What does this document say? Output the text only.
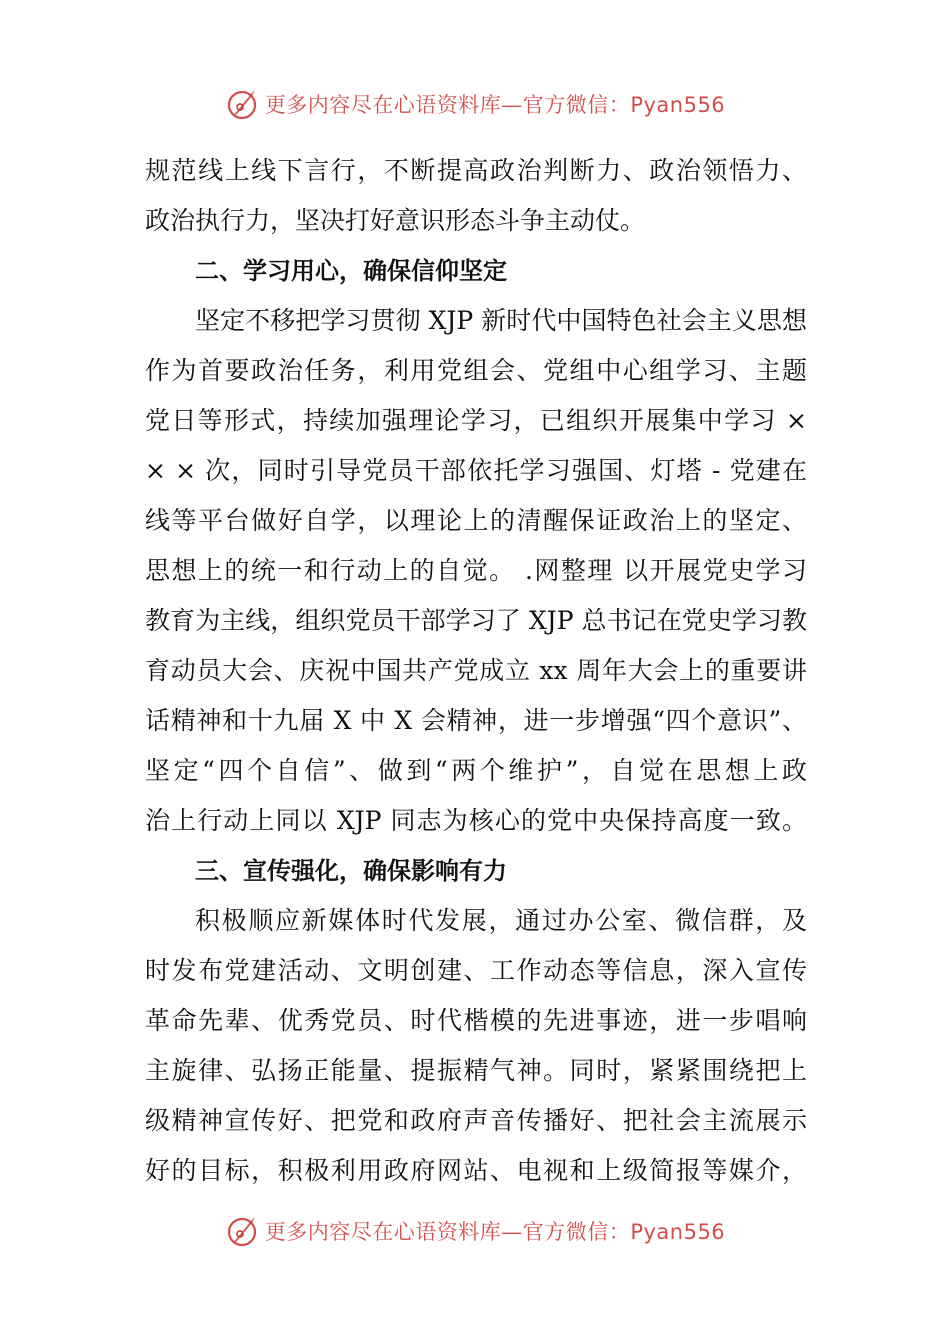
更多内容尽在心语资料库—官方微信：Pyan556
规范线上线下言行，不断提高政治判断力、政治领悟力、
政治执行力，坚决打好意识形态斗争主动仗。
二、学习用心，确保信仰坚定
坚定不移把学习贯彻 XJP 新时代中国特色社会主义思想
作为首要政治任务，利用党组会、党组中心组学习、主题
党日等形式，持续加强理论学习，已组织开展集中学习 ×
× × 次，同时引导党员干部依托学习强国、灯塔 - 党建在
线等平台做好自学，以理论上的清醒保证政治上的坚定、
思想上的统一和行动上的自觉。 .网整理 以开展党史学习
教育为主线，组织党员干部学习了 XJP 总书记在党史学习教
育动员大会、庆祝中国共产党成立 xx 周年大会上的重要讲
话精神和十九届 X 中 X 会精神，进一步增强“四个意识”、
坚定“四个自信”、做到“两个维护”，自觉在思想上政
治上行动上同以 XJP 同志为核心的党中央保持高度一致。
三、宣传强化，确保影响有力
积极顺应新媒体时代发展，通过办公室、微信群，及
时发布党建活动、文明创建、工作动态等信息，深入宣传
革命先辈、优秀党员、时代楷模的先进事迹，进一步唱响
主旋律、弘扬正能量、提振精气神。同时，紧紧围绕把上
级精神宣传好、把党和政府声音传播好、把社会主流展示
好的目标，积极利用政府网站、电视和上级简报等媒介，
更多内容尽在心语资料库—官方微信：Pyan556
